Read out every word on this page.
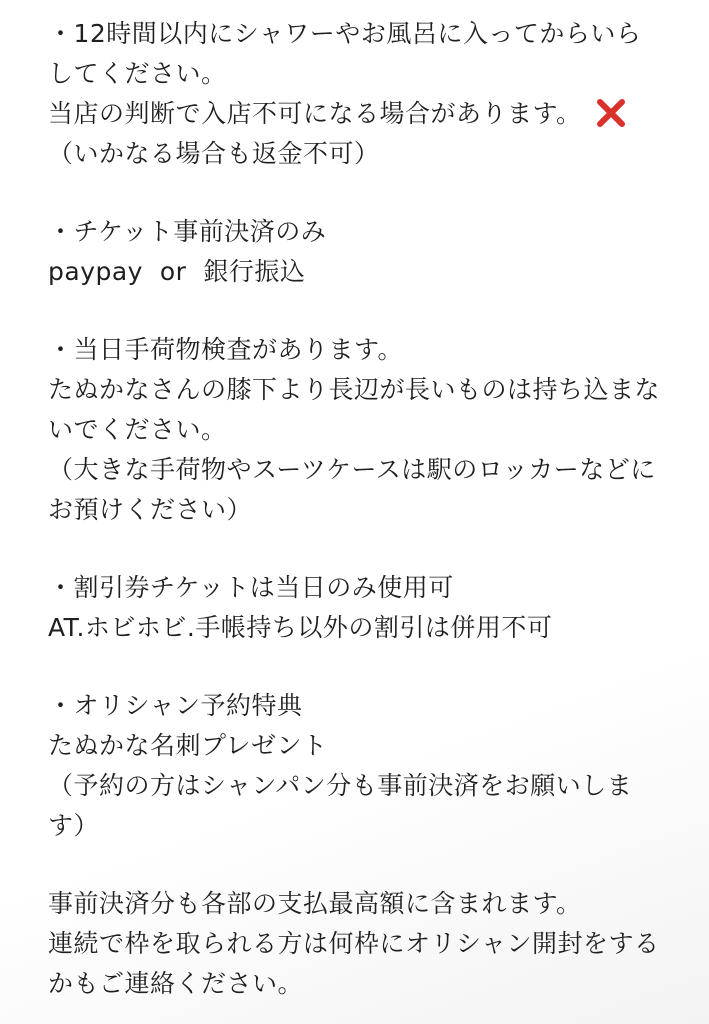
・12時間以内にシャワーやお風呂に入ってからいら
してください。
当店の判断で入店不可になる場合があります。
（いかなる場合も返金不可）
・チケット事前決済のみ
paypay  or  銀行振込
・当日手荷物検査があります。
たぬかなさんの膝下より長辺が長いものは持ち込まな
いでください。
（大きな手荷物やスーツケースは駅のロッカーなどに
お預けください）
・割引券チケットは当日のみ使用可
AT.ホビホビ.手帳持ち以外の割引は併用不可
・オリシャン予約特典
たぬかな名刺プレゼント
（予約の方はシャンパン分も事前決済をお願いしま
す）
事前決済分も各部の支払最高額に含まれます。
連続で枠を取られる方は何枠にオリシャン開封をする
かもご連絡ください。
